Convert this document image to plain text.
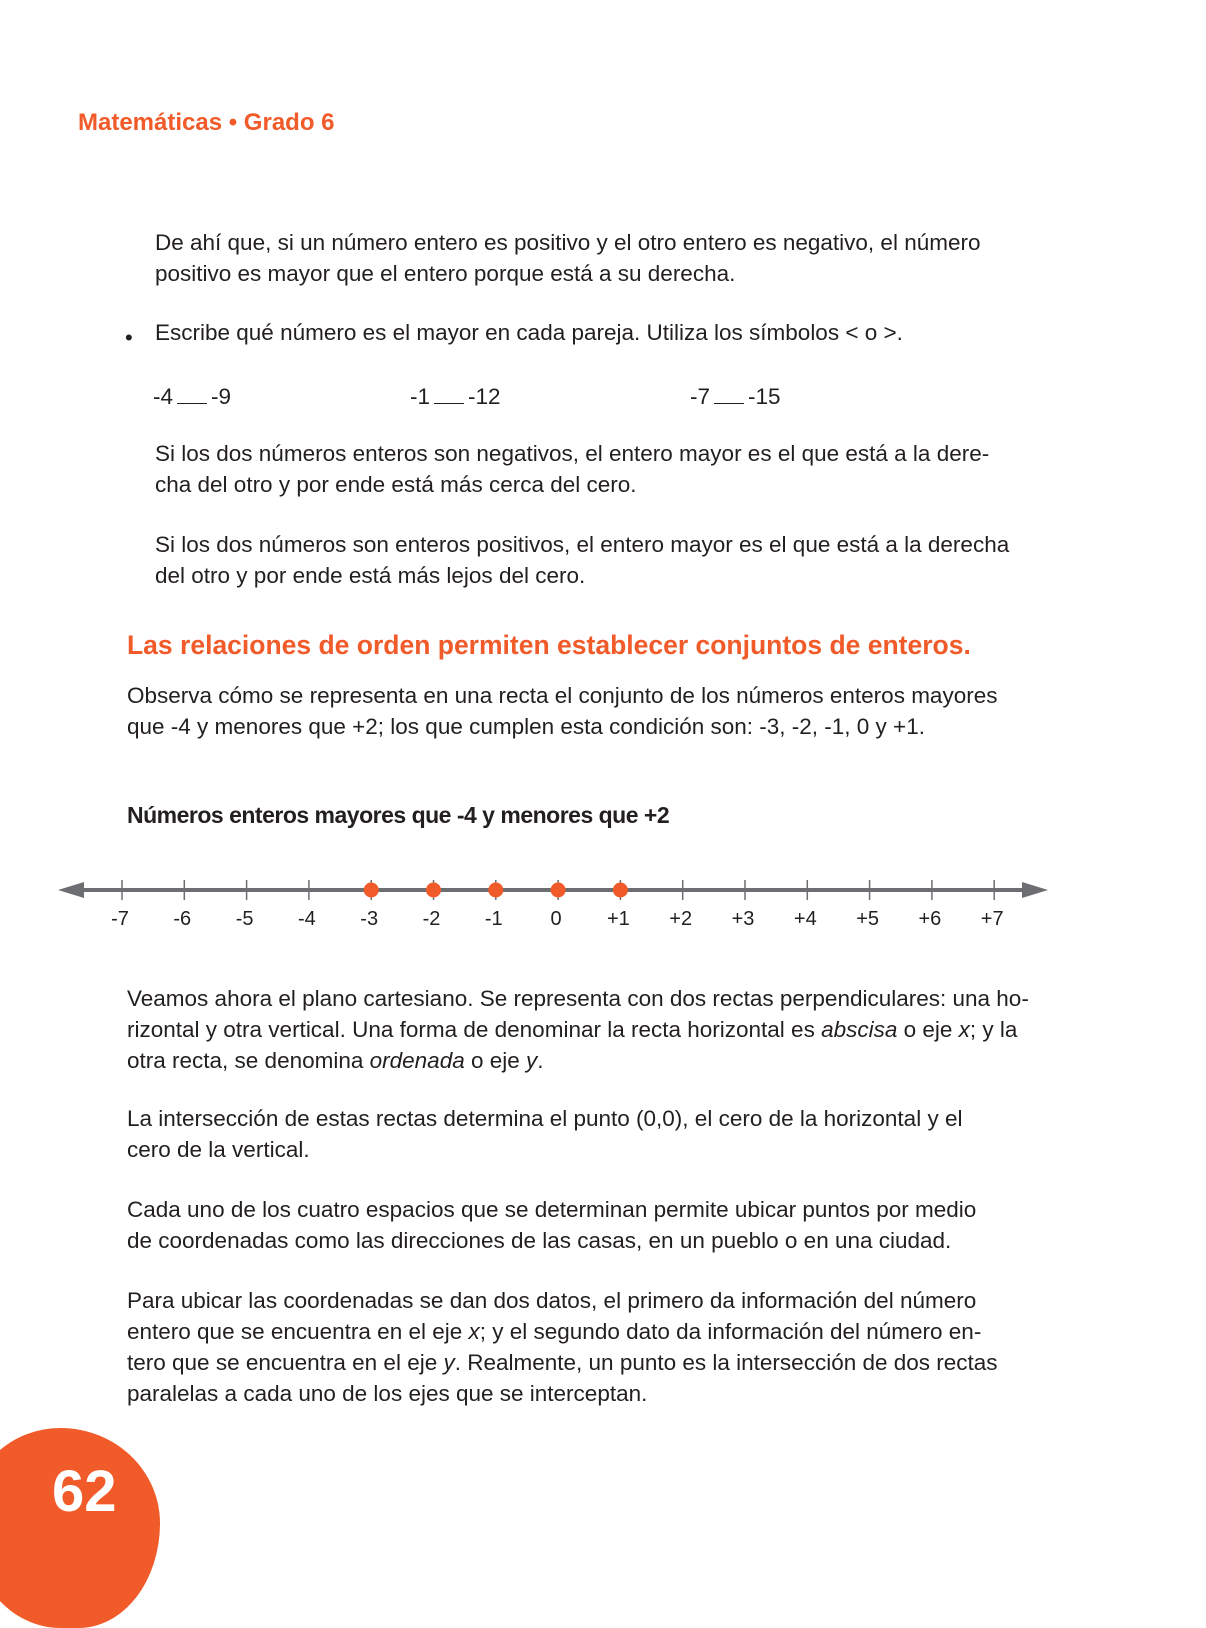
Matemáticas • Grado 6

De ahí que, si un número entero es positivo y el otro entero es negativo, el número

positivo es mayor que el entero porque está a su derecha.

• Escribe qué número es el mayor en cada pareja. Utiliza los símbolos < o >.

-4 -9	-1 -12	-7 -15

Si los dos números enteros son negativos, el entero mayor es el que está a la dere-

cha del otro y por ende está más cerca del cero.

Si los dos números son enteros positivos, el entero mayor es el que está a la derecha

del otro y por ende está más lejos del cero.

Las relaciones de orden permiten establecer conjuntos de enteros.

Observa cómo se representa en una recta el conjunto de los números enteros mayores

que -4 y menores que +2; los que cumplen esta condición son: -3, -2, -1, 0 y +1.

Números enteros mayores que -4 y menores que +2
-7 -6 -5 -4 -3 -2 -1 0 +1 +2 +3 +4 +5 +6 +7

Veamos ahora el plano cartesiano. Se representa con dos rectas perpendiculares: una ho-

rizontal y otra vertical. Una forma de denominar la recta horizontal es abscisa o eje x; y la

otra recta, se denomina ordenada o eje y.

La intersección de estas rectas determina el punto (0,0), el cero de la horizontal y el

cero de la vertical.

Cada uno de los cuatro espacios que se determinan permite ubicar puntos por medio

de coordenadas como las direcciones de las casas, en un pueblo o en una ciudad.

Para ubicar las coordenadas se dan dos datos, el primero da información del número

entero que se encuentra en el eje x; y el segundo dato da información del número en-

tero que se encuentra en el eje y. Realmente, un punto es la intersección de dos rectas

paralelas a cada uno de los ejes que se interceptan.

62
